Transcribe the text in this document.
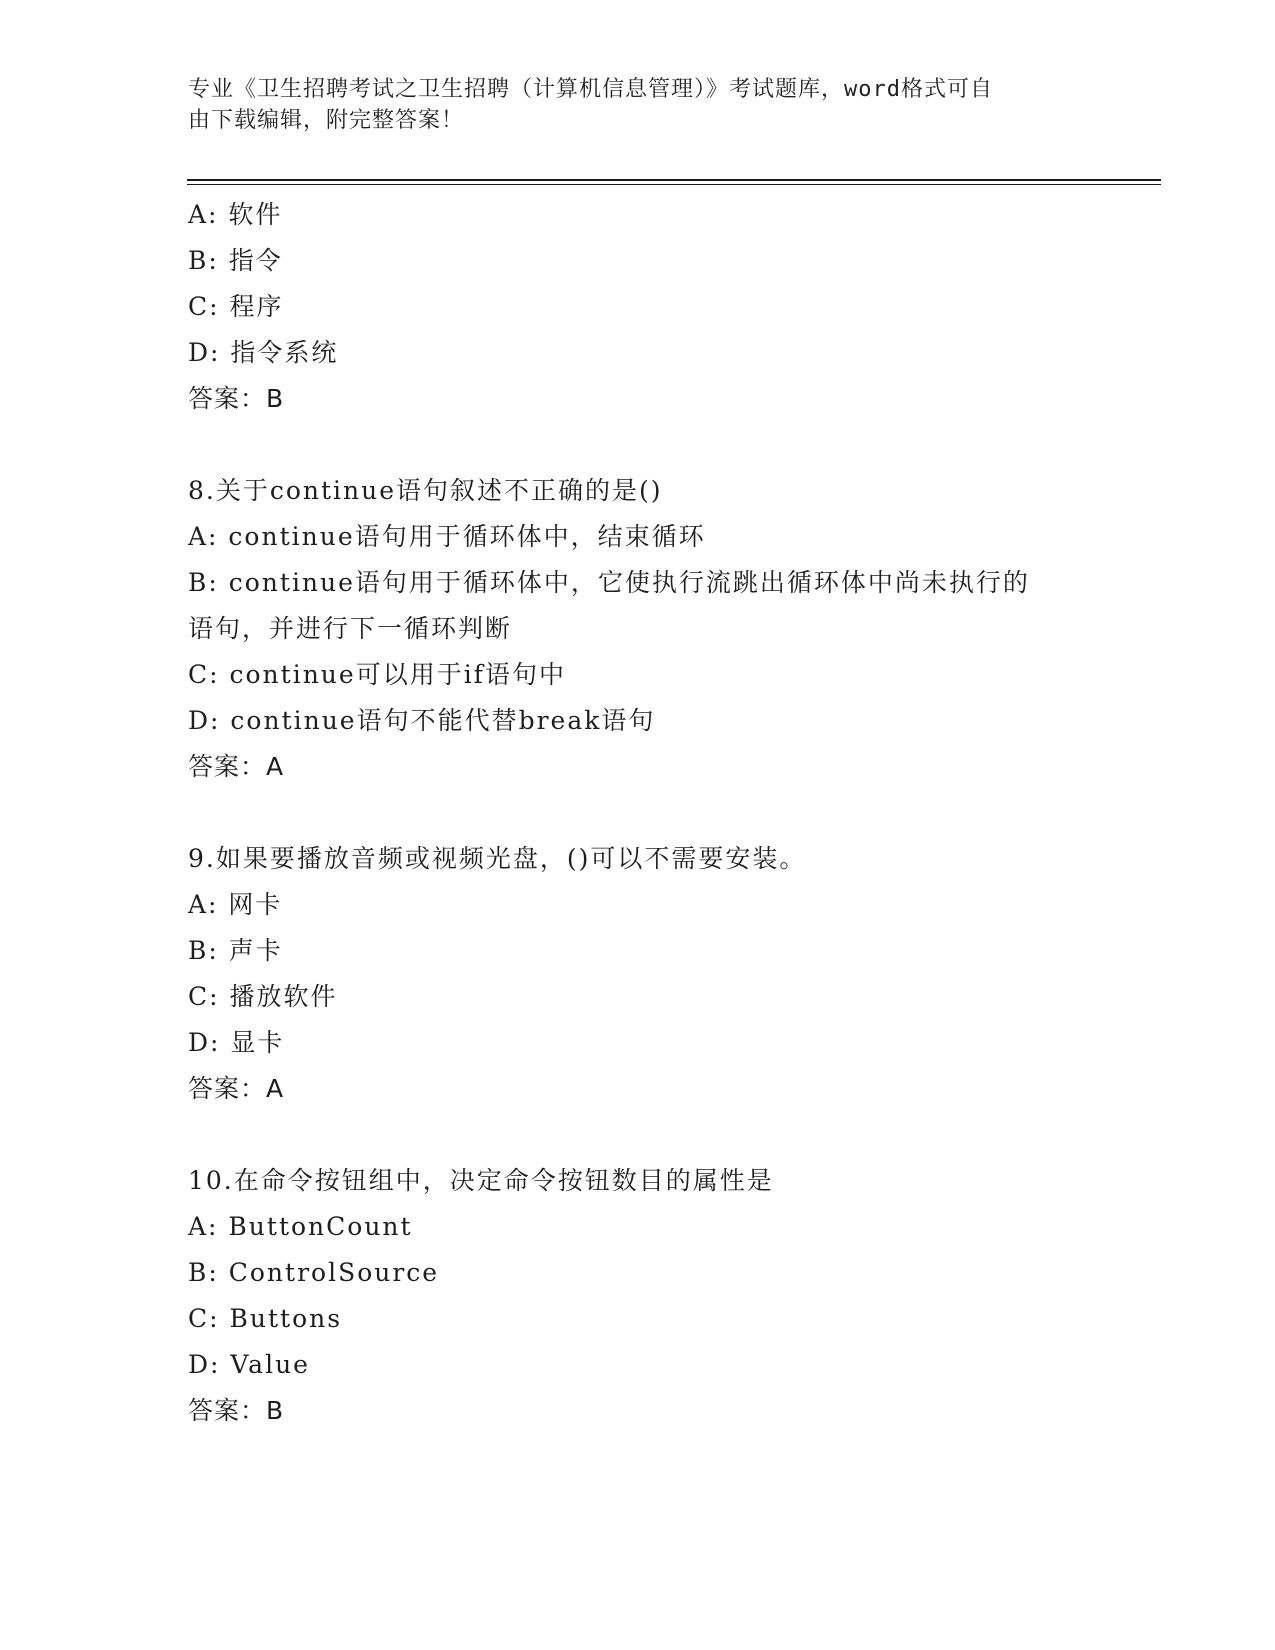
专业《卫生招聘考试之卫生招聘（计算机信息管理）》考试题库，word格式可自
由下载编辑，附完整答案！
A: 软件
B: 指令
C: 程序
D: 指令系统
答案：B
8.关于continue语句叙述不正确的是()
A: continue语句用于循环体中，结束循环
B: continue语句用于循环体中，它使执行流跳出循环体中尚未执行的
语句，并进行下一循环判断
C: continue可以用于if语句中
D: continue语句不能代替break语句
答案：A
9.如果要播放音频或视频光盘，()可以不需要安装。
A: 网卡
B: 声卡
C: 播放软件
D: 显卡
答案：A
10.在命令按钮组中，决定命令按钮数目的属性是
A: ButtonCount
B: ControlSource
C: Buttons
D: Value
答案：B
